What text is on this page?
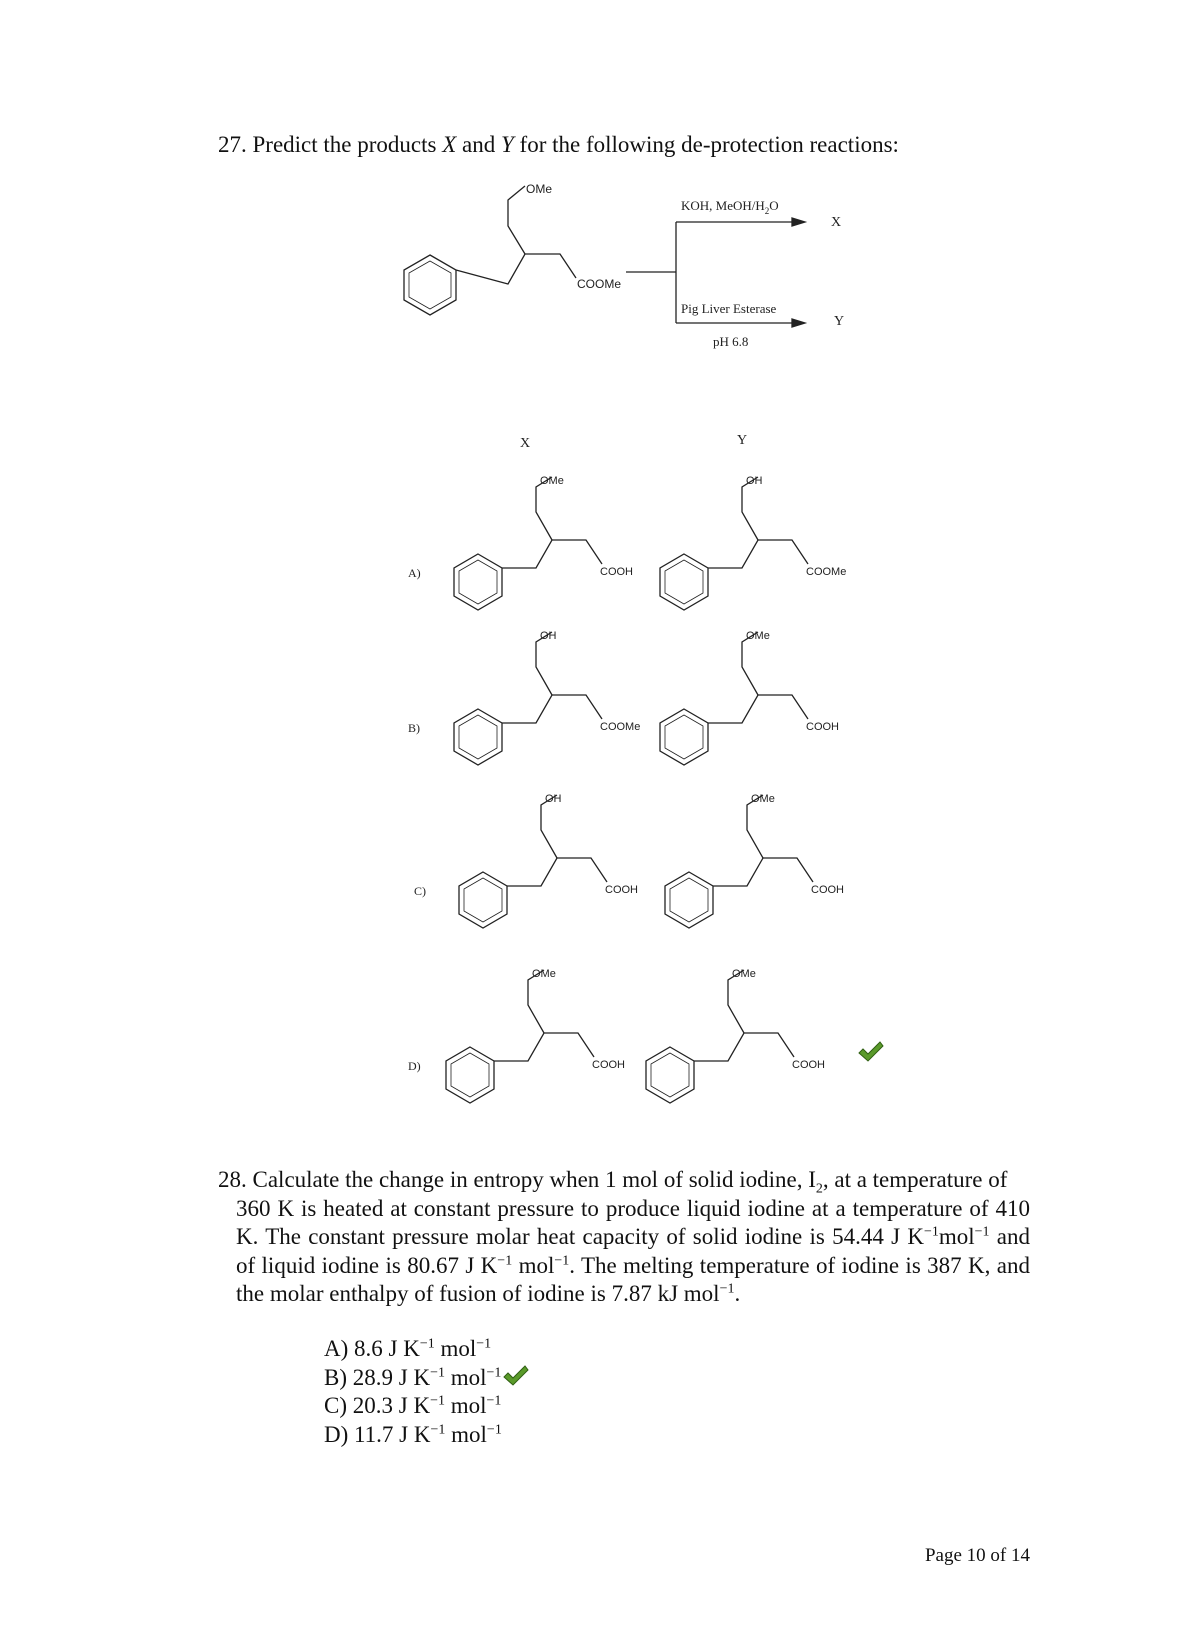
27. Predict the products X and Y for the following de-protection reactions:
OMe
COOMe
KOH, MeOH/$H_2O$
X
Pig Liver Esterase
pH 6.8
Y
X	Y
A)
OMe
COOH
OH
COOMe
B)
OH
COOMe
OMe
COOH
C)
OH
COOH
OMe
COOH
D)
OMe
COOH
OMe
COOH
28. Calculate the change in entropy when 1 mol of solid iodine, $I_2$, at a temperature of
360 K is heated at constant pressure to produce liquid iodine at a temperature of 410 K. The constant pressure molar heat capacity of solid iodine is 54.44 J $K^{-1}mol^{-1}$ and of liquid iodine is 80.67 J $K^{-1}$ mol$^{-1}$. The melting temperature of iodine is 387 K, and the molar enthalpy of fusion of iodine is 7.87 kJ mol$^{-1}$.
A) 8.6 J $K^{-1}$ mol$^{-1}$
B) 28.9 J $K^{-1}$ mol$^{-1}$
C) 20.3 J $K^{-1}$ mol$^{-1}$
D) 11.7 J $K^{-1}$ mol$^{-1}$
Page 10 of 14
